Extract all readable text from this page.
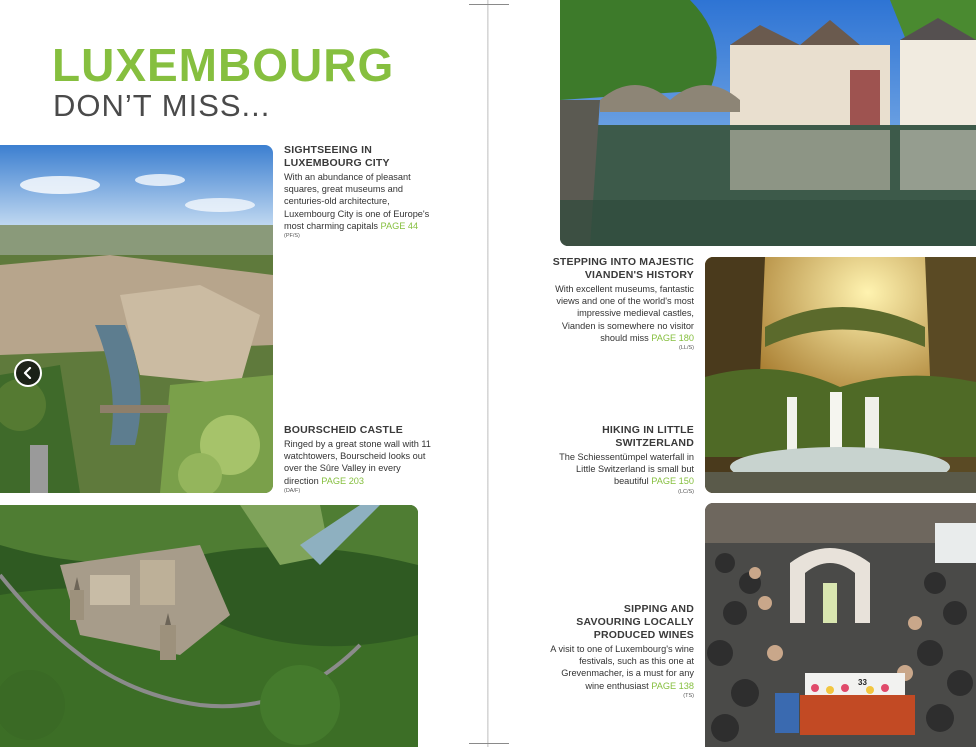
LUXEMBOURG
DON’T MISS...
33
SIGHTSEEING IN
LUXEMBOURG CITY

With an abundance of pleasant squares, great museums and centuries-old architecture, Luxembourg City is one of Europe's most charming capitals PAGE 44
(PF/S)

BOURSCHEID CASTLE

Ringed by a great stone wall with 11 watchtowers, Bourscheid looks out over the Sûre Valley in every direction PAGE 203
(DA/F)

STEPPING INTO MAJESTIC
VIANDEN'S HISTORY

With excellent museums, fantastic views and one of the world's most impressive medieval castles, Vianden is somewhere no visitor should miss PAGE 180
(LL/S)

HIKING IN LITTLE
SWITZERLAND

The Schiessentümpel waterfall in Little Switzerland is small but beautiful PAGE 150
(LC/S)

SIPPING AND
SAVOURING LOCALLY
PRODUCED WINES

A visit to one of Luxembourg's wine festivals, such as this one at Grevenmacher, is a must for any wine enthusiast PAGE 138
(TS)
